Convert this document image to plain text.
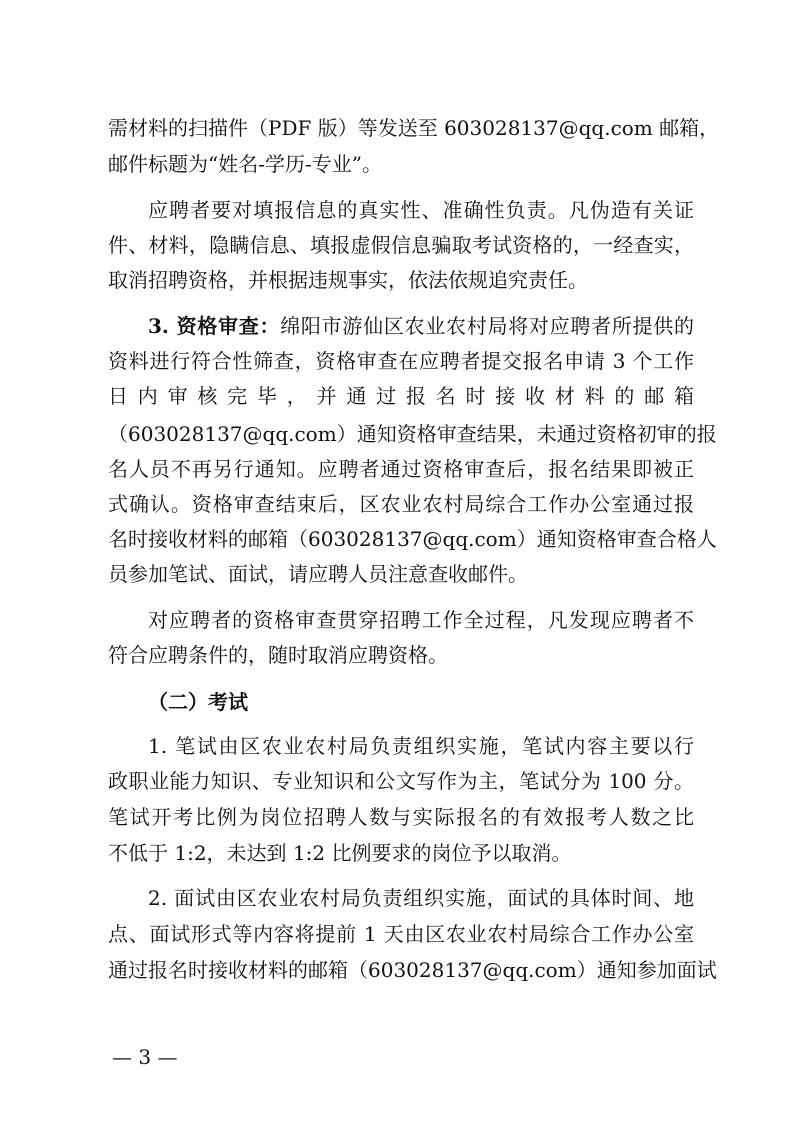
需材料的扫描件（PDF 版）等发送至 603028137@qq.com 邮箱，
邮件标题为“姓名-学历-专业”。
应聘者要对填报信息的真实性、准确性负责。凡伪造有关证
件、材料，隐瞒信息、填报虚假信息骗取考试资格的，一经查实，
取消招聘资格，并根据违规事实，依法依规追究责任。
3. 资格审查：绵阳市游仙区农业农村局将对应聘者所提供的
资料进行符合性筛查，资格审查在应聘者提交报名申请 3 个工作
日内审核完毕，并通过报名时接收材料的邮箱
（603028137@qq.com）通知资格审查结果，未通过资格初审的报
名人员不再另行通知。应聘者通过资格审查后，报名结果即被正
式确认。资格审查结束后，区农业农村局综合工作办公室通过报
名时接收材料的邮箱（603028137@qq.com）通知资格审查合格人
员参加笔试、面试，请应聘人员注意查收邮件。
对应聘者的资格审查贯穿招聘工作全过程，凡发现应聘者不
符合应聘条件的，随时取消应聘资格。
（二）考试
1. 笔试由区农业农村局负责组织实施，笔试内容主要以行
政职业能力知识、专业知识和公文写作为主，笔试分为 100 分。
笔试开考比例为岗位招聘人数与实际报名的有效报考人数之比
不低于 1:2，未达到 1:2 比例要求的岗位予以取消。
2. 面试由区农业农村局负责组织实施，面试的具体时间、地
点、面试形式等内容将提前 1 天由区农业农村局综合工作办公室
通过报名时接收材料的邮箱（603028137@qq.com）通知参加面试
— 3 —
